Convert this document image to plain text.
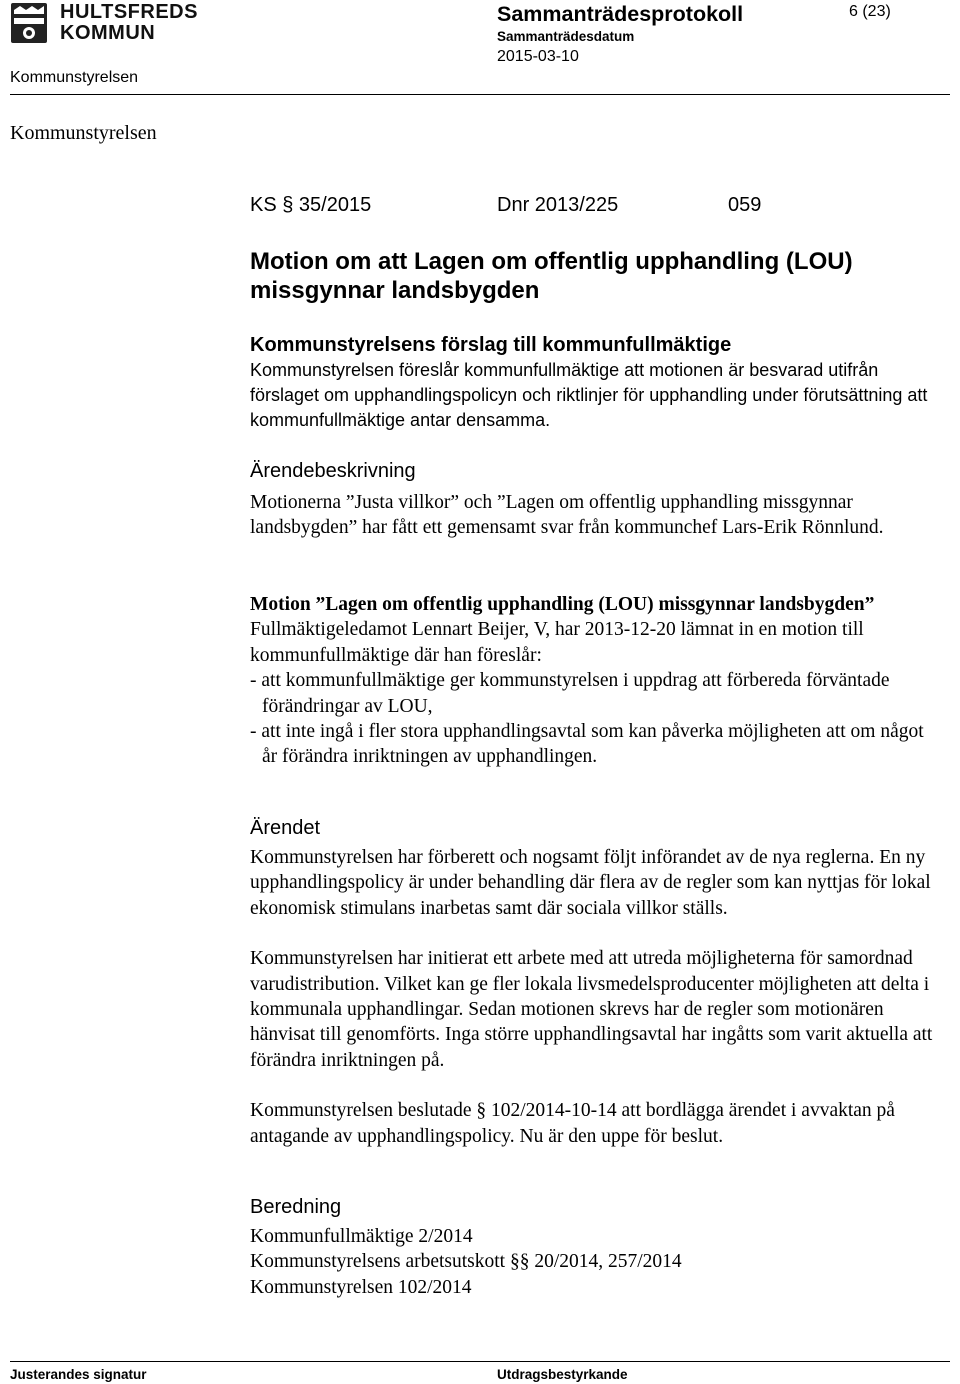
HULTSFREDS
KOMMUN
Sammanträdesprotokoll	6 (23)
Sammanträdesdatum
2015-03-10
Kommunstyrelsen
Kommunstyrelsen
KS § 35/2015	Dnr 2013/225	059
Motion om att Lagen om offentlig upphandling (LOU) missgynnar landsbygden
Kommunstyrelsens förslag till kommunfullmäktige

Kommunstyrelsen föreslår kommunfullmäktige att motionen är besvarad utifrån förslaget om upphandlingspolicyn och riktlinjer för upphandling under förutsättning att kommunfullmäktige antar densamma.

Ärendebeskrivning

Motionerna ”Justa villkor” och ”Lagen om offentlig upphandling missgynnar landsbygden” har fått ett gemensamt svar från kommunchef Lars-Erik Rönnlund.

Motion ”Lagen om offentlig upphandling (LOU) missgynnar landsbygden”

Fullmäktigeledamot Lennart Beijer, V, har 2013-12-20 lämnat in en motion till kommunfullmäktige där han föreslår:

- att kommunfullmäktige ger kommunstyrelsen i uppdrag att förbereda förväntade förändringar av LOU,

- att inte ingå i fler stora upphandlingsavtal som kan påverka möjligheten att om något år förändra inriktningen av upphandlingen.

Ärendet

Kommunstyrelsen har förberett och nogsamt följt införandet av de nya reglerna. En ny upphandlingspolicy är under behandling där flera av de regler som kan nyttjas för lokal ekonomisk stimulans inarbetas samt där sociala villkor ställs.

Kommunstyrelsen har initierat ett arbete med att utreda möjligheterna för samordnad varudistribution. Vilket kan ge fler lokala livsmedelsproducenter möjligheten att delta i kommunala upphandlingar. Sedan motionen skrevs har de regler som motionären hänvisat till genomförts. Inga större upphandlingsavtal har ingåtts som varit aktuella att förändra inriktningen på.

Kommunstyrelsen beslutade § 102/2014-10-14 att bordlägga ärendet i avvaktan på antagande av upphandlingspolicy. Nu är den uppe för beslut.

Beredning

Kommunfullmäktige 2/2014

Kommunstyrelsens arbetsutskott §§ 20/2014, 257/2014

Kommunstyrelsen 102/2014

Justerandes signatur	Utdragsbestyrkande
